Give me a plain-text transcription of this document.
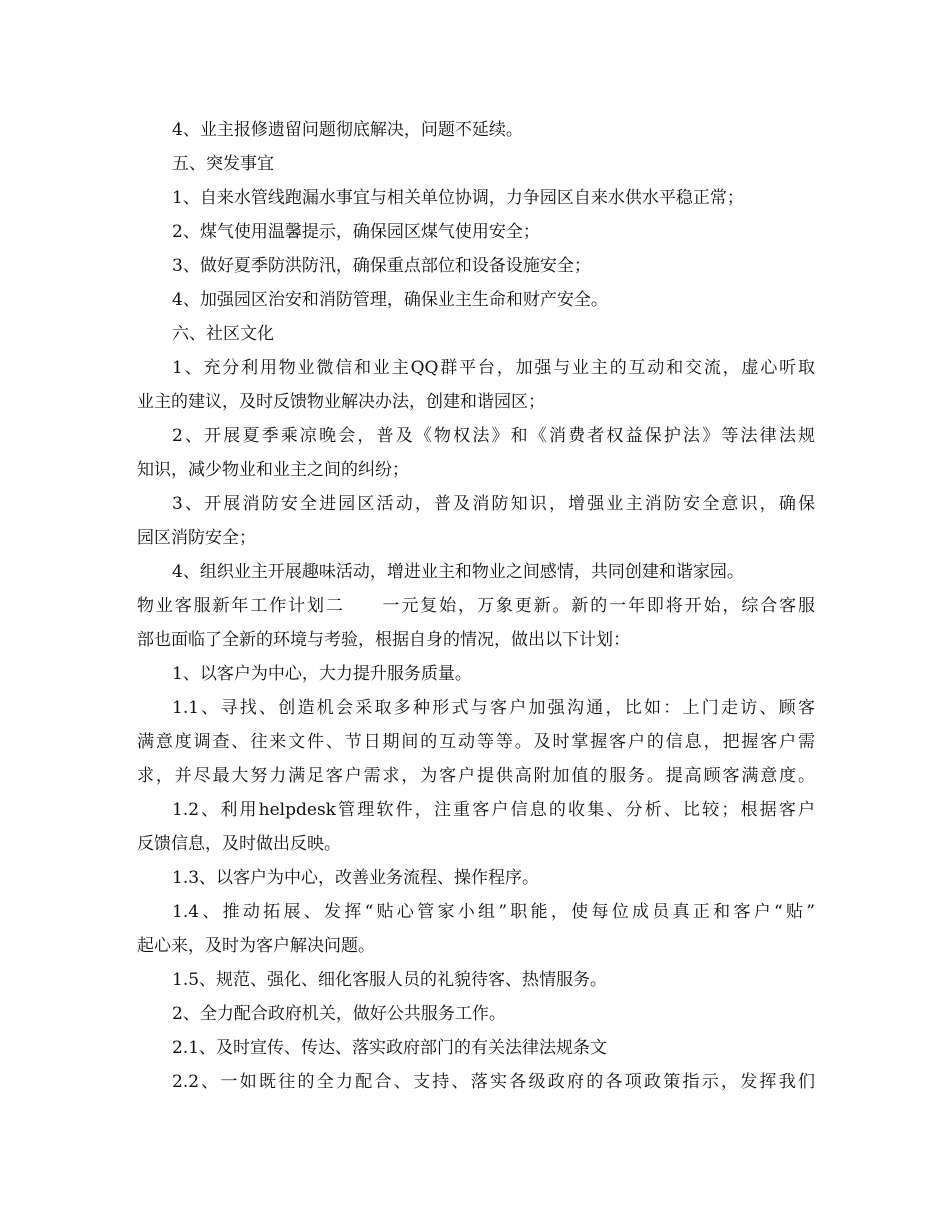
4、业主报修遗留问题彻底解决，问题不延续。

五、突发事宜

1、自来水管线跑漏水事宜与相关单位协调，力争园区自来水供水平稳正常；

2、煤气使用温馨提示，确保园区煤气使用安全；

3、做好夏季防洪防汛，确保重点部位和设备设施安全；

4、加强园区治安和消防管理，确保业主生命和财产安全。

六、社区文化

1、充分利用物业微信和业主QQ群平台，加强与业主的互动和交流，虚心听取

业主的建议，及时反馈物业解决办法，创建和谐园区；

2、开展夏季乘凉晚会，普及《物权法》和《消费者权益保护法》等法律法规

知识，减少物业和业主之间的纠纷；

3、开展消防安全进园区活动，普及消防知识，增强业主消防安全意识，确保

园区消防安全；

4、组织业主开展趣味活动，增进业主和物业之间感情，共同创建和谐家园。

物业客服新年工作计划二　　一元复始，万象更新。新的一年即将开始，综合客服

部也面临了全新的环境与考验，根据自身的情况，做出以下计划：

1、以客户为中心，大力提升服务质量。

1.1、寻找、创造机会采取多种形式与客户加强沟通，比如：上门走访、顾客

满意度调查、往来文件、节日期间的互动等等。及时掌握客户的信息，把握客户需

求，并尽最大努力满足客户需求，为客户提供高附加值的服务。提高顾客满意度。

1.2、利用helpdesk管理软件，注重客户信息的收集、分析、比较；根据客户

反馈信息，及时做出反映。

1.3、以客户为中心，改善业务流程、操作程序。

1.4、推动拓展、发挥“贴心管家小组”职能，使每位成员真正和客户“贴”

起心来，及时为客户解决问题。

1.5、规范、强化、细化客服人员的礼貌待客、热情服务。

2、全力配合政府机关，做好公共服务工作。

2.1、及时宣传、传达、落实政府部门的有关法律法规条文

2.2、一如既往的全力配合、支持、落实各级政府的各项政策指示，发挥我们
